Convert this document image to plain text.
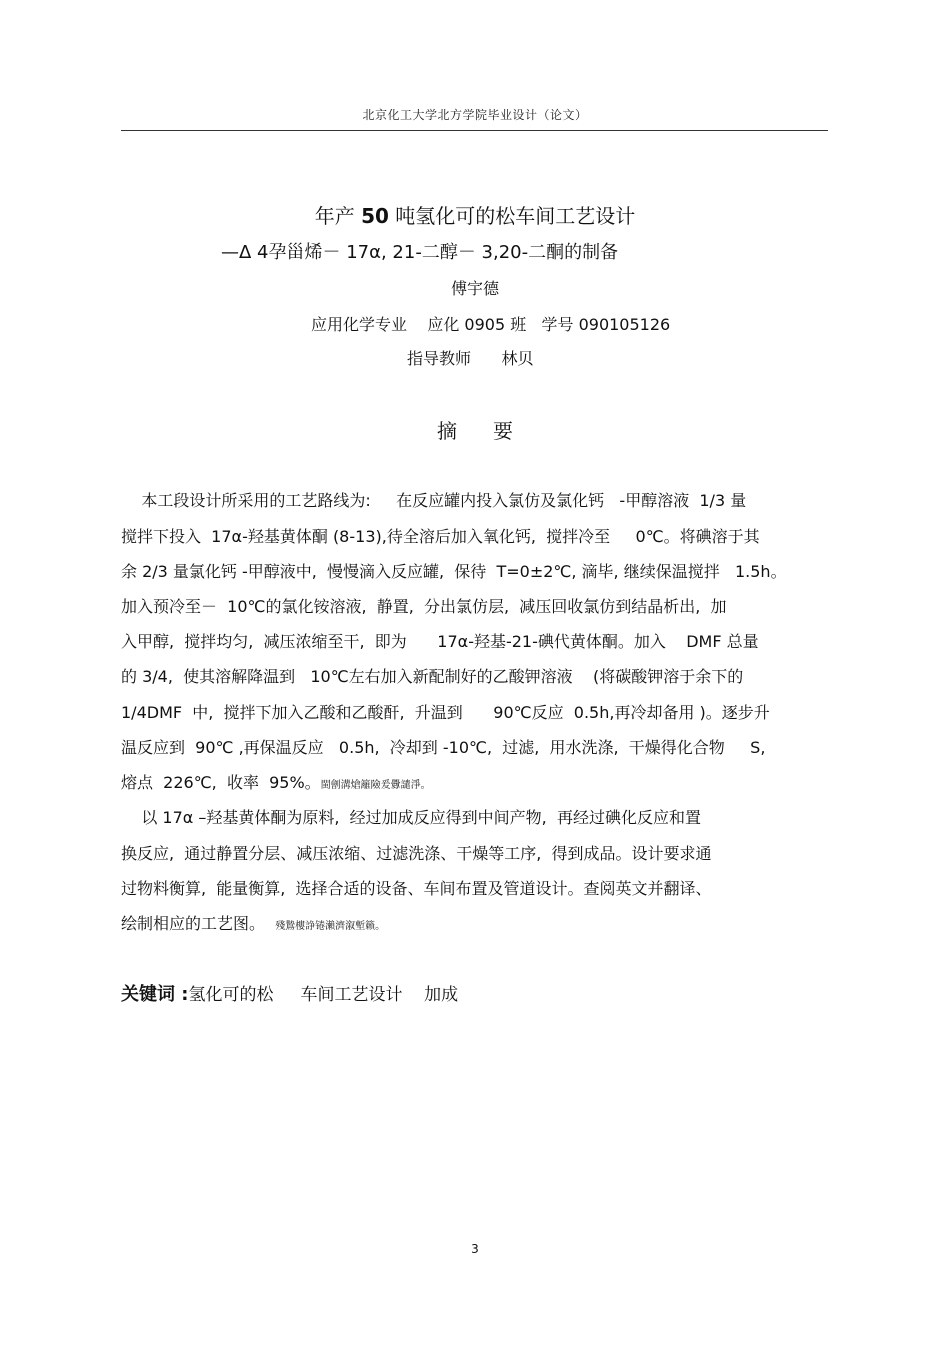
北京化工大学北方学院毕业设计（论文）
年产 50 吨氢化可的松车间工艺设计
—Δ 4孕甾烯－ 17α, 21-二醇－ 3,20-二酮的制备
傅宇德
应用化学专业    应化 0905 班   学号 090105126
指导教师      林贝
摘要
本工段设计所采用的工艺路线为:     在反应罐内投入氯仿及氯化钙   -甲醇溶液  1/3 量
搅拌下投入  17α-羟基黄体酮 (8-13),待全溶后加入氧化钙,  搅拌冷至     0℃。将碘溶于其
余 2/3 量氯化钙 -甲醇液中,  慢慢滴入反应罐,  保待  T=0±2℃, 滴毕, 继续保温搅拌   1.5h。
加入预冷至－  10℃的氯化铵溶液,  静置,  分出氯仿层,  减压回收氯仿到结晶析出,  加
入甲醇,  搅拌均匀,  减压浓缩至干,  即为      17α-羟基-21-碘代黄体酮。加入    DMF 总量
的 3/4,  使其溶解降温到   10℃左右加入新配制好的乙酸钾溶液    (将碳酸钾溶于余下的
1/4DMF  中,  搅拌下加入乙酸和乙酸酐,  升温到      90℃反应  0.5h,再冷却备用 )。逐步升
温反应到  90℃ ,再保温反应   0.5h,  冷却到 -10℃,  过滤,  用水洗涤,  干燥得化合物     S,
熔点  226℃,  收率  95%。閩劊溝熗籬險爰釁譴淨。
以 17α –羟基黄体酮为原料,  经过加成反应得到中间产物,  再经过碘化反应和置
换反应,  通过静置分层、减压浓缩、过滤洗涤、干燥等工序,  得到成品。设计要求通
过物料衡算,  能量衡算,  选择合适的设备、车间布置及管道设计。查阅英文并翻译、
绘制相应的工艺图。 殘鷙樓諍锩瀨濟溆塹籟。
关键词 :氢化可的松     车间工艺设计    加成
3
